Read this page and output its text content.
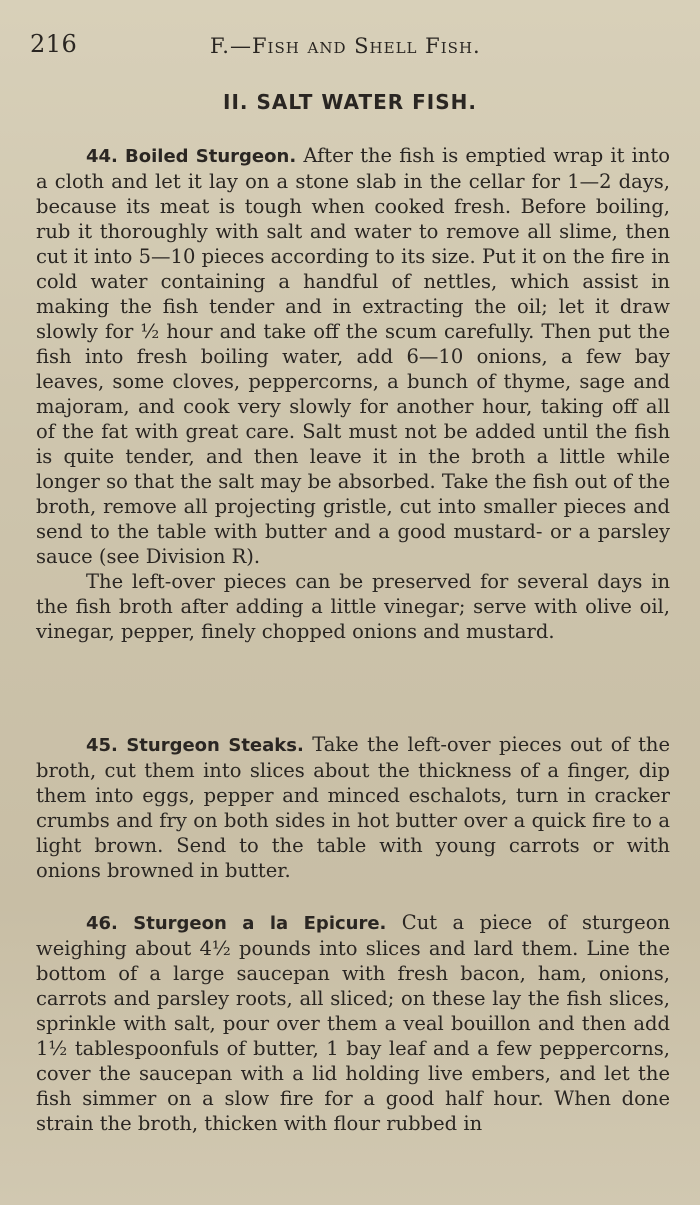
216	F.—Fish and Shell Fish.
II. SALT WATER FISH.

44. Boiled Sturgeon. After the fish is emptied wrap it into a cloth and let it lay on a stone slab in the cellar for 1—2 days, because its meat is tough when cooked fresh. Before boiling, rub it thoroughly with salt and water to remove all slime, then cut it into 5—10 pieces according to its size. Put it on the fire in cold water containing a handful of nettles, which assist in making the fish tender and in extracting the oil; let it draw slowly for ½ hour and take off the scum carefully. Then put the fish into fresh boiling water, add 6—10 onions, a few bay leaves, some cloves, peppercorns, a bunch of thyme, sage and majoram, and cook very slowly for another hour, taking off all of the fat with great care. Salt must not be added until the fish is quite tender, and then leave it in the broth a little while longer so that the salt may be absorbed. Take the fish out of the broth, remove all projecting gristle, cut into smaller pieces and send to the table with butter and a good mustard- or a parsley sauce (see Division R).

The left-over pieces can be preserved for several days in the fish broth after adding a little vinegar; serve with olive oil, vinegar, pepper, finely chopped onions and mustard.

45. Sturgeon Steaks. Take the left-over pieces out of the broth, cut them into slices about the thickness of a finger, dip them into eggs, pepper and minced eschalots, turn in cracker crumbs and fry on both sides in hot butter over a quick fire to a light brown. Send to the table with young carrots or with onions browned in butter.

46. Sturgeon a la Epicure. Cut a piece of sturgeon weighing about 4½ pounds into slices and lard them. Line the bottom of a large saucepan with fresh bacon, ham, onions, carrots and parsley roots, all sliced; on these lay the fish slices, sprinkle with salt, pour over them a veal bouillon and then add 1½ tablespoonfuls of butter, 1 bay leaf and a few peppercorns, cover the saucepan with a lid holding live embers, and let the fish simmer on a slow fire for a good half hour. When done strain the broth, thicken with flour rubbed in
